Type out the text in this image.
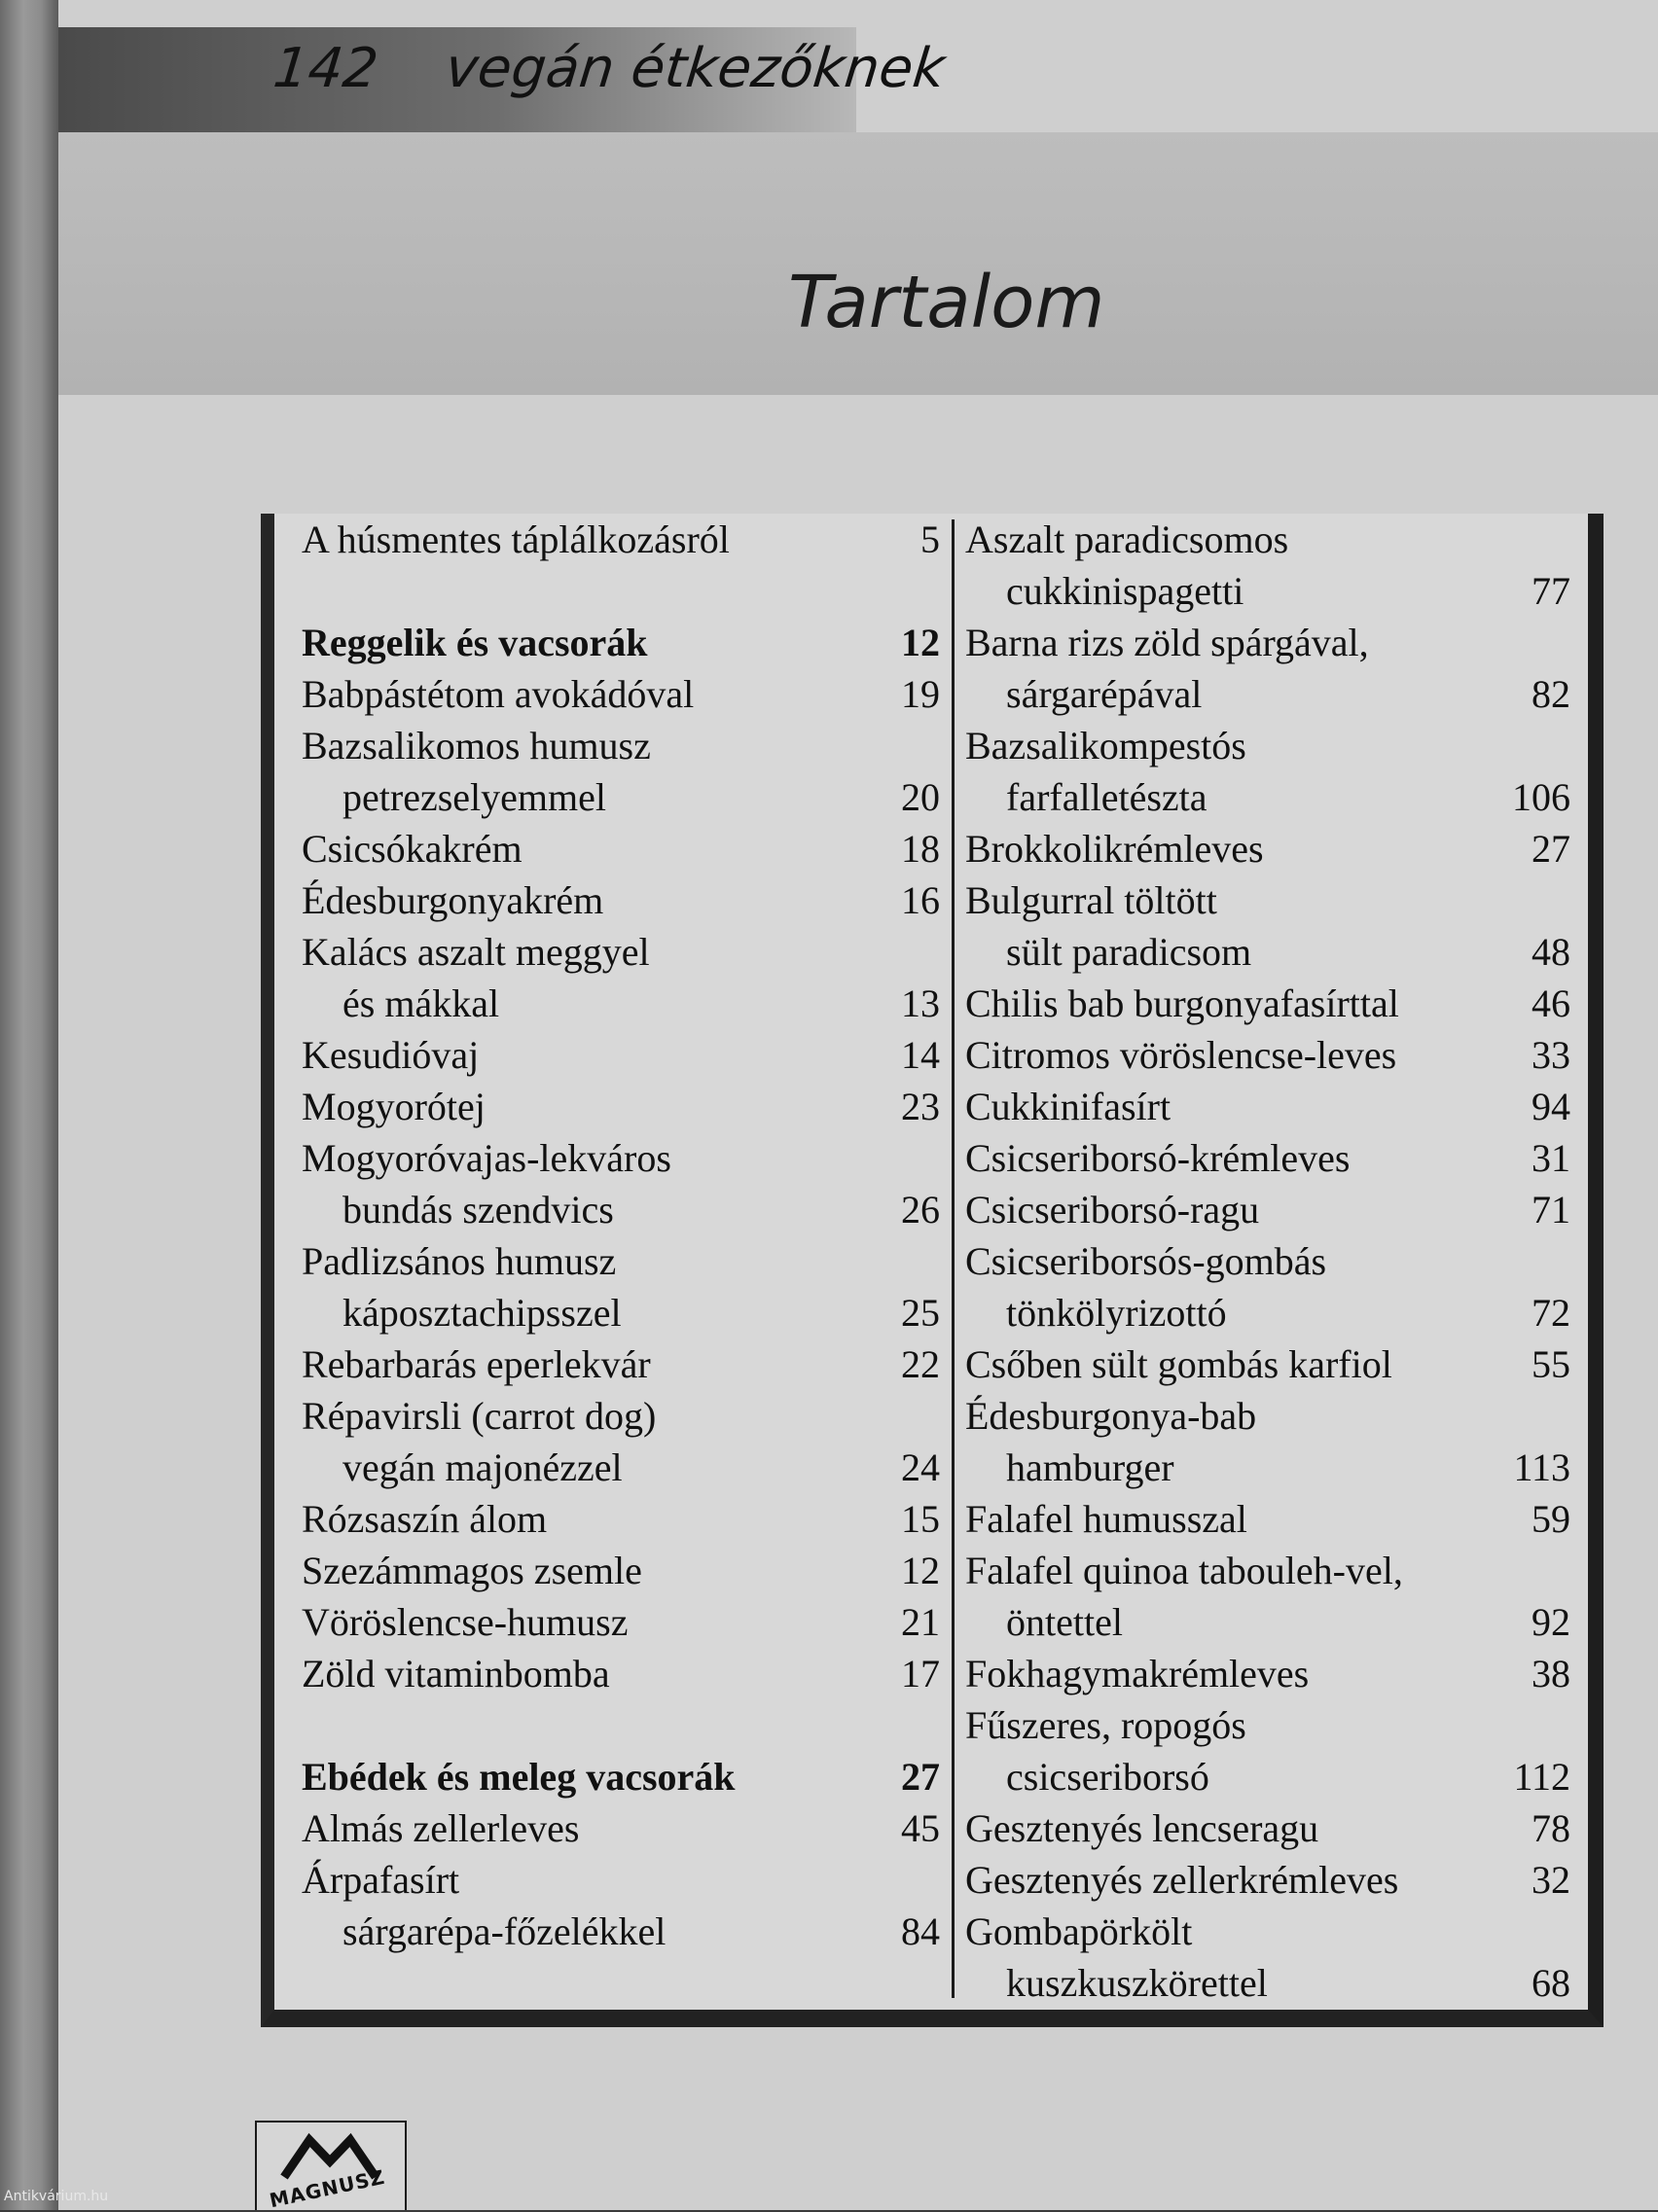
142 vegán étkezőknek
Tartalom
A húsmentes táplálkozásról	5
Reggelik és vacsorák	12
Babpástétom avokádóval	19
Bazsalikomos humusz
petrezselyemmel	20
Csicsókakrém	18
Édesburgonyakrém	16
Kalács aszalt meggyel
és mákkal	13
Kesudióvaj	14
Mogyorótej	23
Mogyoróvajas-lekváros
bundás szendvics	26
Padlizsános humusz
káposztachipsszel	25
Rebarbarás eperlekvár	22
Répavirsli (carrot dog)
vegán majonézzel	24
Rózsaszín álom	15
Szezámmagos zsemle	12
Vöröslencse-humusz	21
Zöld vitaminbomba	17
Ebédek és meleg vacsorák	27
Almás zellerleves	45
Árpafasírt
sárgarépa-főzelékkel	84
Aszalt paradicsomos
cukkinispagetti	77
Barna rizs zöld spárgával,
sárgarépával	82
Bazsalikompestós
farfalletészta	106
Brokkolikrémleves	27
Bulgurral töltött
sült paradicsom	48
Chilis bab burgonyafasírttal	46
Citromos vöröslencse-leves	33
Cukkinifasírt	94
Csicseriborsó-krémleves	31
Csicseriborsó-ragu	71
Csicseriborsós-gombás
tönkölyrizottó	72
Csőben sült gombás karfiol	55
Édesburgonya-bab
hamburger	113
Falafel humusszal	59
Falafel quinoa tabouleh-vel,
öntettel	92
Fokhagymakrémleves	38
Fűszeres, ropogós
csicseriborsó	112
Gesztenyés lencseragu	78
Gesztenyés zellerkrémleves	32
Gombapörkölt
kuszkuszkörettel	68
MAGNUSZ
Antikvárium.hu
